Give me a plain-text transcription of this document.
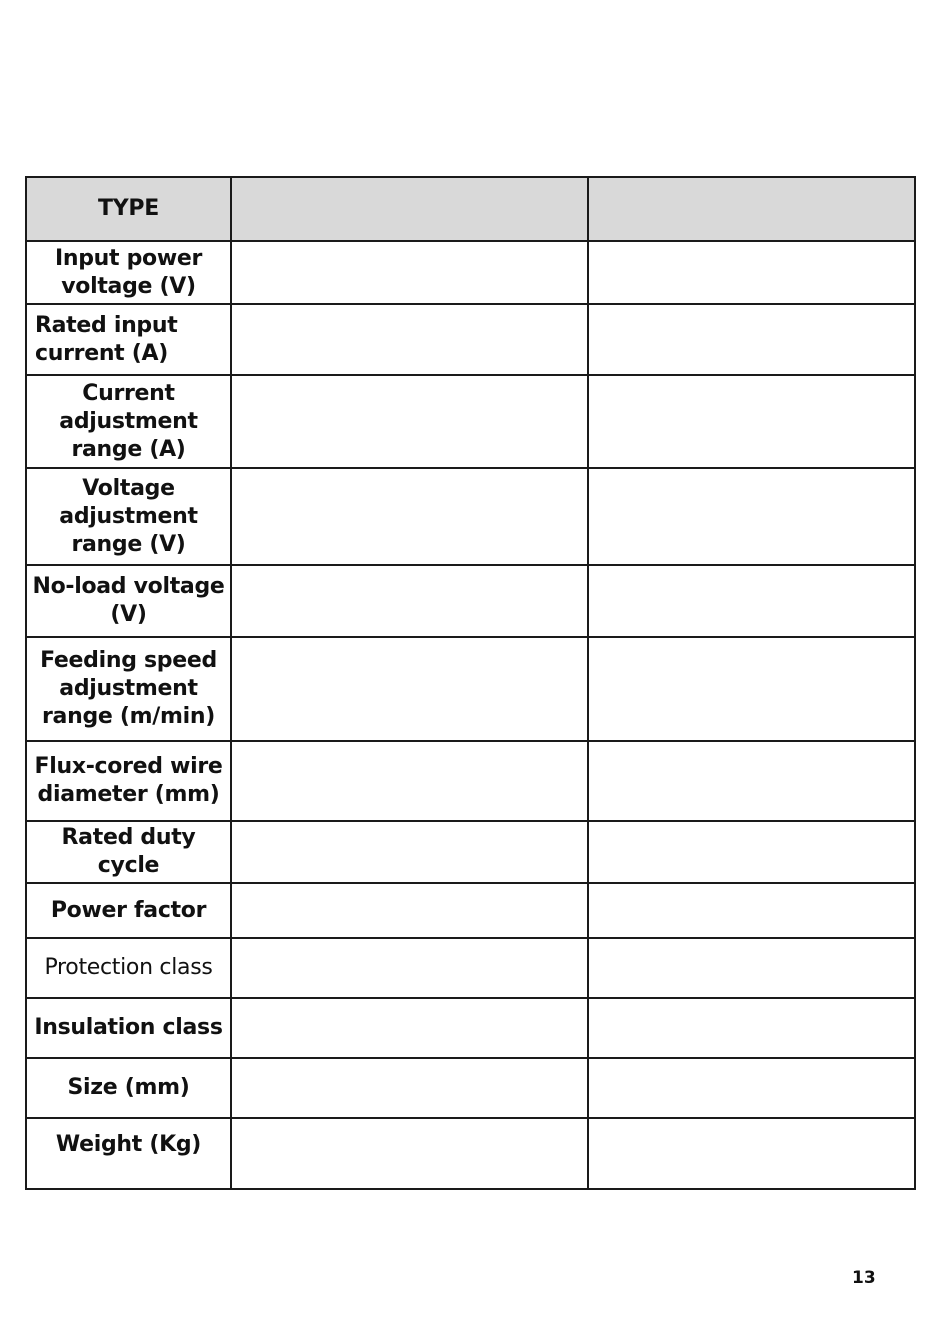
TYPE		

Input power voltage (V)		

Rated input current (A)		

Current adjustment range (A)		

Voltage adjustment range (V)		

No-load voltage (V)		

Feeding speed adjustment range (m/min)		

Flux-cored wire diameter (mm)		

Rated duty cycle		

Power factor		

Protection class		

Insulation class		

Size (mm)		

Weight (Kg)		

13
